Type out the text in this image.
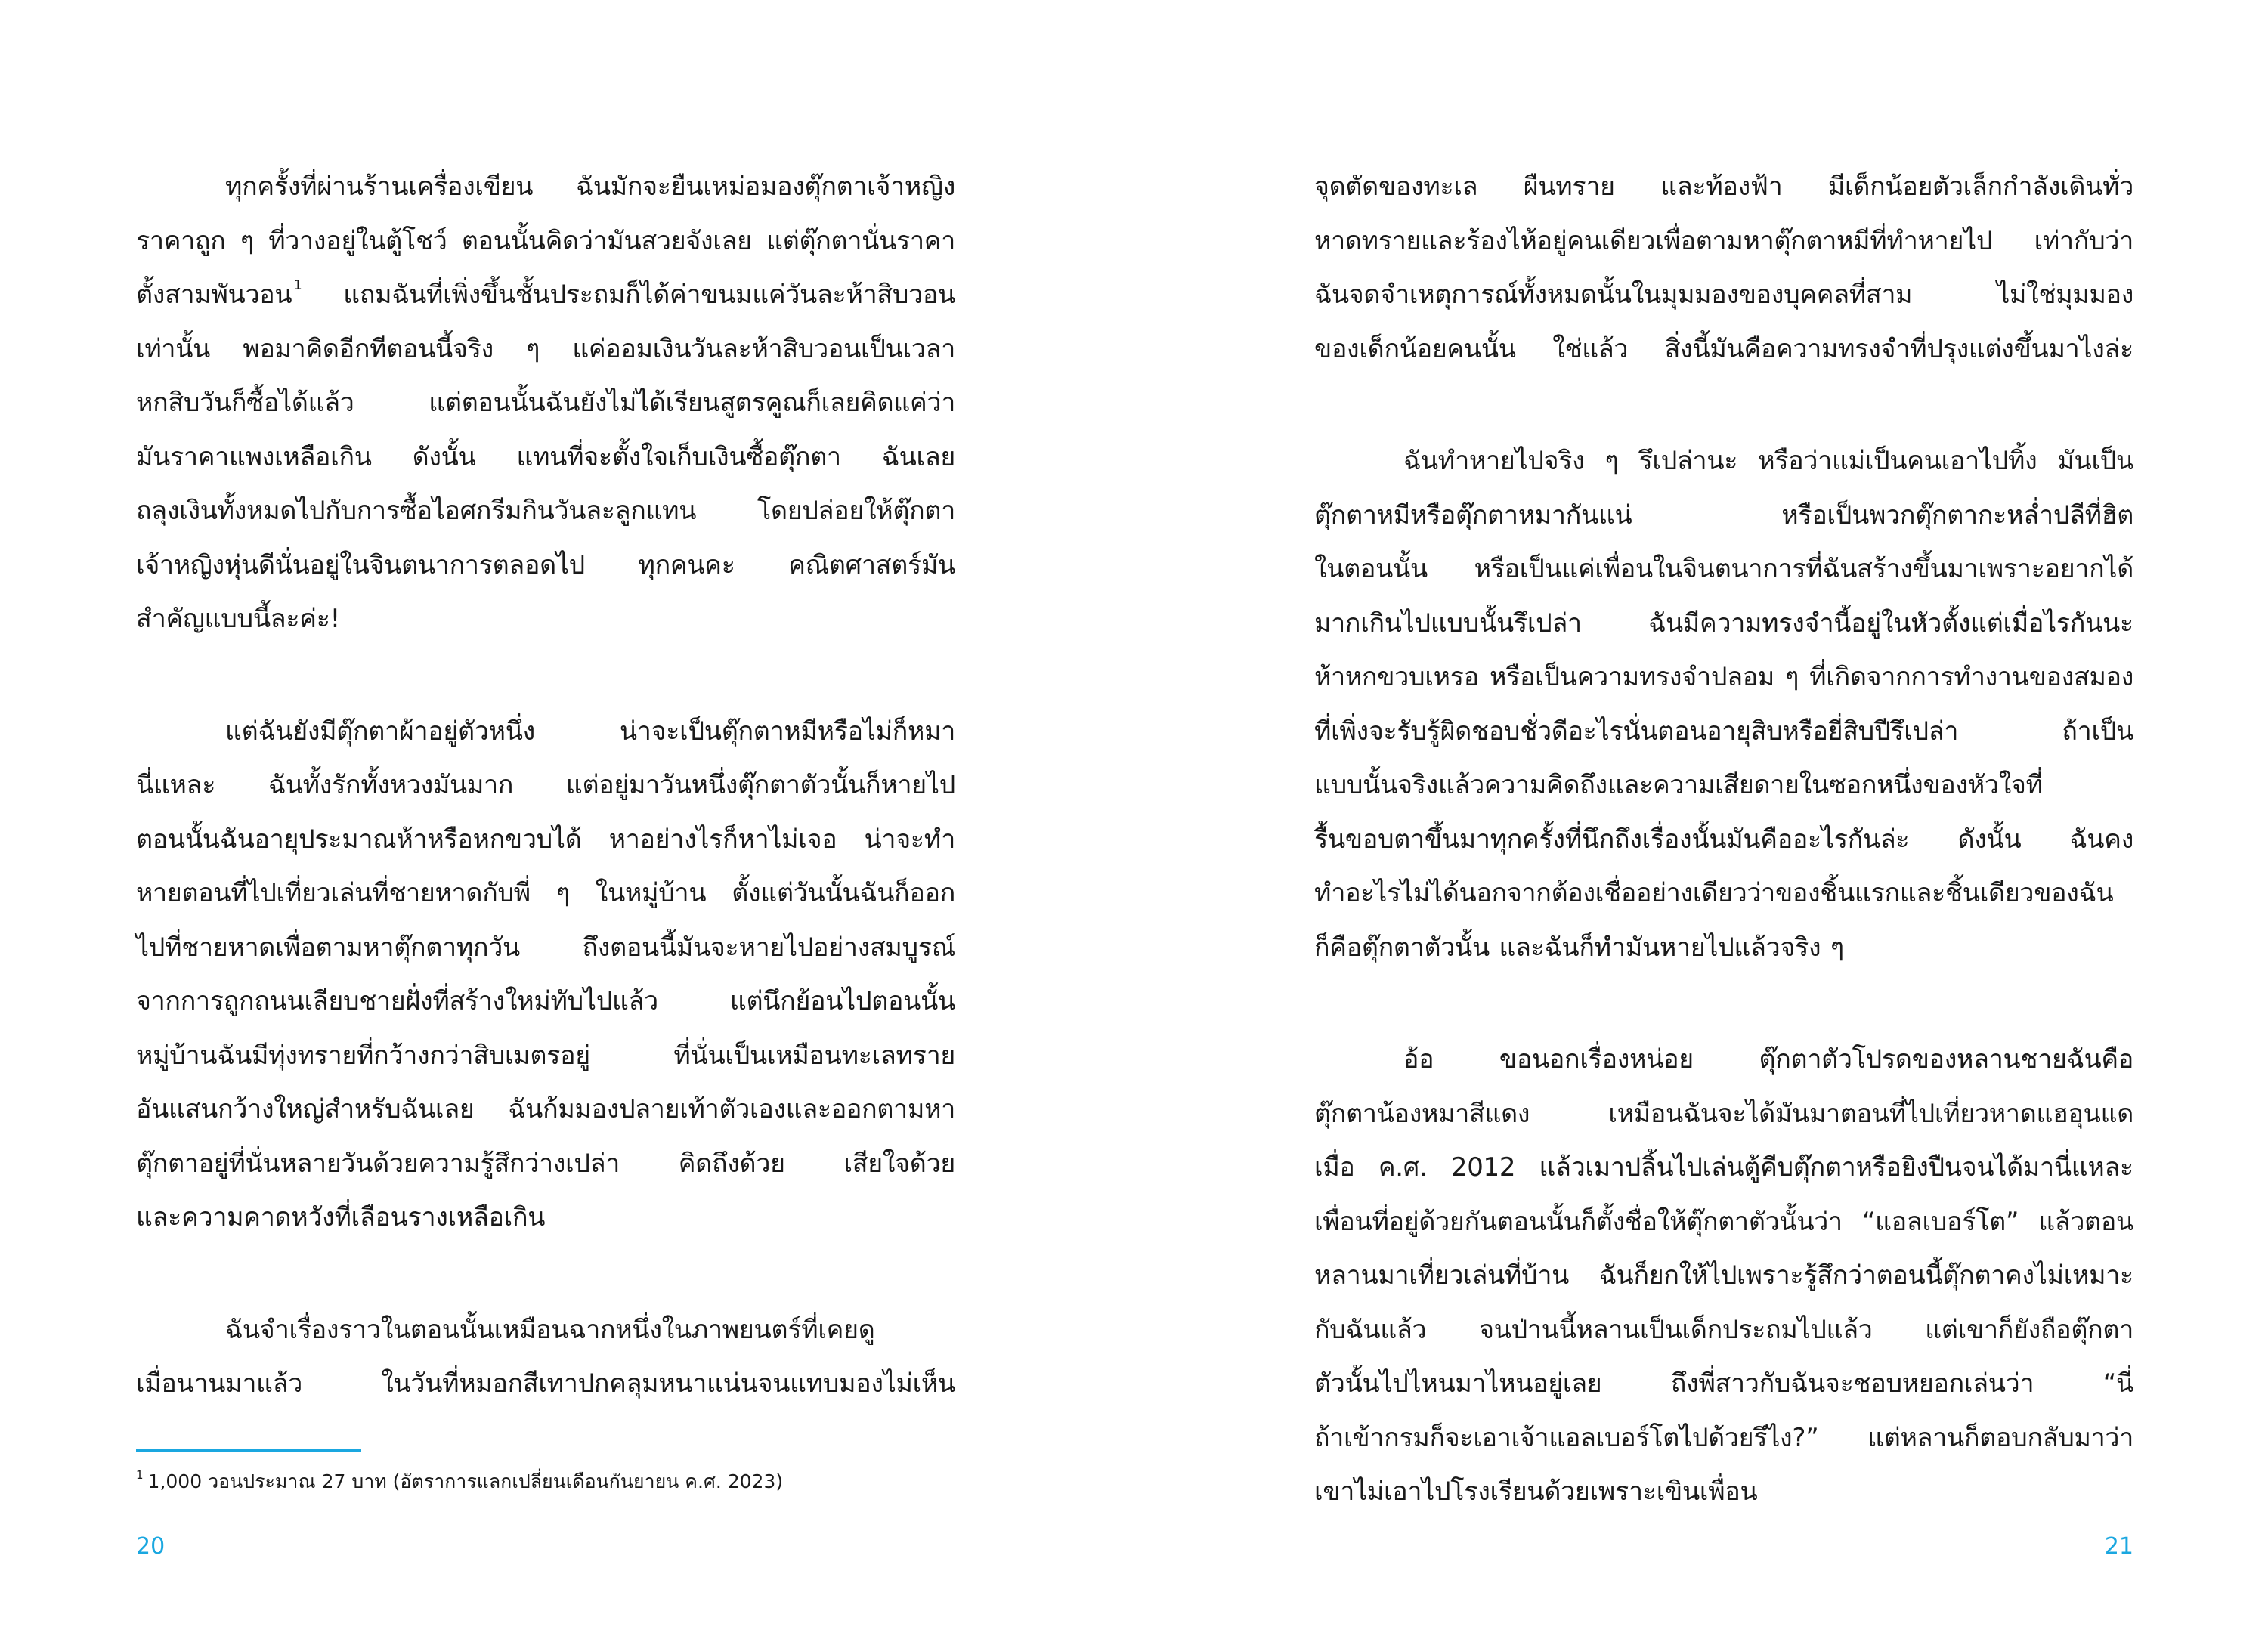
ทุกครั้งที่ผ่านร้านเครื่องเขียน ฉันมักจะยืนเหม่อมองตุ๊กตาเจ้าหญิง
ราคาถูก ๆ ที่วางอยู่ในตู้โชว์ ตอนนั้นคิดว่ามันสวยจังเลย แต่ตุ๊กตานั่นราคา
ตั้งสามพันวอน $^1$ แถมฉันที่เพิ่งขึ้นชั้นประถมก็ได้ค่าขนมแค่วันละห้าสิบวอน
เท่านั้น พอมาคิดอีกทีตอนนี้จริง ๆ แค่ออมเงินวันละห้าสิบวอนเป็นเวลา
หกสิบวันก็ซื้อได้แล้ว แต่ตอนนั้นฉันยังไม่ได้เรียนสูตรคูณก็เลยคิดแค่ว่า
มันราคาแพงเหลือเกิน ดังนั้น แทนที่จะตั้งใจเก็บเงินซื้อตุ๊กตา ฉันเลย
ถลุงเงินทั้งหมดไปกับการซื้อไอศกรีมกินวันละลูกแทน โดยปล่อยให้ตุ๊กตา
เจ้าหญิงหุ่นดีนั่นอยู่ในจินตนาการตลอดไป ทุกคนคะ คณิตศาสตร์มัน
สำคัญแบบนี้ละค่ะ!

แต่ฉันยังมีตุ๊กตาผ้าอยู่ตัวหนึ่ง น่าจะเป็นตุ๊กตาหมีหรือไม่ก็หมา
นี่แหละ ฉันทั้งรักทั้งหวงมันมาก แต่อยู่มาวันหนึ่งตุ๊กตาตัวนั้นก็หายไป
ตอนนั้นฉันอายุประมาณห้าหรือหกขวบได้ หาอย่างไรก็หาไม่เจอ น่าจะทำ
หายตอนที่ไปเที่ยวเล่นที่ชายหาดกับพี่ ๆ ในหมู่บ้าน ตั้งแต่วันนั้นฉันก็ออก
ไปที่ชายหาดเพื่อตามหาตุ๊กตาทุกวัน ถึงตอนนี้มันจะหายไปอย่างสมบูรณ์
จากการถูกถนนเลียบชายฝั่งที่สร้างใหม่ทับไปแล้ว แต่นึกย้อนไปตอนนั้น
หมู่บ้านฉันมีทุ่งทรายที่กว้างกว่าสิบเมตรอยู่ ที่นั่นเป็นเหมือนทะเลทราย
อันแสนกว้างใหญ่สำหรับฉันเลย ฉันก้มมองปลายเท้าตัวเองและออกตามหา
ตุ๊กตาอยู่ที่นั่นหลายวันด้วยความรู้สึกว่างเปล่า คิดถึงด้วย เสียใจด้วย
และความคาดหวังที่เลือนรางเหลือเกิน

ฉันจำเรื่องราวในตอนนั้นเหมือนฉากหนึ่งในภาพยนตร์ที่เคยดู
เมื่อนานมาแล้ว ในวันที่หมอกสีเทาปกคลุมหนาแน่นจนแทบมองไม่เห็น

$^1$ 1,000 วอนประมาณ 27 บาท (อัตราการแลกเปลี่ยนเดือนกันยายน ค.ศ. 2023)
20

จุดตัดของทะเล ผืนทราย และท้องฟ้า มีเด็กน้อยตัวเล็กกำลังเดินทั่ว
หาดทรายและร้องไห้อยู่คนเดียวเพื่อตามหาตุ๊กตาหมีที่ทำหายไป เท่ากับว่า
ฉันจดจำเหตุการณ์ทั้งหมดนั้นในมุมมองของบุคคลที่สาม ไม่ใช่มุมมอง
ของเด็กน้อยคนนั้น ใช่แล้ว สิ่งนี้มันคือความทรงจำที่ปรุงแต่งขึ้นมาไงล่ะ

ฉันทำหายไปจริง ๆ รึเปล่านะ หรือว่าแม่เป็นคนเอาไปทิ้ง มันเป็น
ตุ๊กตาหมีหรือตุ๊กตาหมากันแน่ หรือเป็นพวกตุ๊กตากะหล่ำปลีที่ฮิต
ในตอนนั้น หรือเป็นแค่เพื่อนในจินตนาการที่ฉันสร้างขึ้นมาเพราะอยากได้
มากเกินไปแบบนั้นรึเปล่า ฉันมีความทรงจำนี้อยู่ในหัวตั้งแต่เมื่อไรกันนะ
ห้าหกขวบเหรอ หรือเป็นความทรงจำปลอม ๆ ที่เกิดจากการทำงานของสมอง
ที่เพิ่งจะรับรู้ผิดชอบชั่วดีอะไรนั่นตอนอายุสิบหรือยี่สิบปีรึเปล่า ถ้าเป็น
แบบนั้นจริงแล้วความคิดถึงและความเสียดายในซอกหนึ่งของหัวใจที่
รื้นขอบตาขึ้นมาทุกครั้งที่นึกถึงเรื่องนั้นมันคืออะไรกันล่ะ ดังนั้น ฉันคง
ทำอะไรไม่ได้นอกจากต้องเชื่ออย่างเดียวว่าของชิ้นแรกและชิ้นเดียวของฉัน
ก็คือตุ๊กตาตัวนั้น และฉันก็ทำมันหายไปแล้วจริง ๆ

อ้อ ขอนอกเรื่องหน่อย ตุ๊กตาตัวโปรดของหลานชายฉันคือ
ตุ๊กตาน้องหมาสีแดง เหมือนฉันจะได้มันมาตอนที่ไปเที่ยวหาดแฮอุนแด
เมื่อ ค.ศ. 2012 แล้วเมาปลิ้นไปเล่นตู้คีบตุ๊กตาหรือยิงปืนจนได้มานี่แหละ
เพื่อนที่อยู่ด้วยกันตอนนั้นก็ตั้งชื่อให้ตุ๊กตาตัวนั้นว่า “แอลเบอร์โต” แล้วตอน
หลานมาเที่ยวเล่นที่บ้าน ฉันก็ยกให้ไปเพราะรู้สึกว่าตอนนี้ตุ๊กตาคงไม่เหมาะ
กับฉันแล้ว จนป่านนี้หลานเป็นเด็กประถมไปแล้ว แต่เขาก็ยังถือตุ๊กตา
ตัวนั้นไปไหนมาไหนอยู่เลย ถึงพี่สาวกับฉันจะชอบหยอกเล่นว่า “นี่
ถ้าเข้ากรมก็จะเอาเจ้าแอลเบอร์โตไปด้วยรึไง?” แต่หลานก็ตอบกลับมาว่า
เขาไม่เอาไปโรงเรียนด้วยเพราะเขินเพื่อน

21
